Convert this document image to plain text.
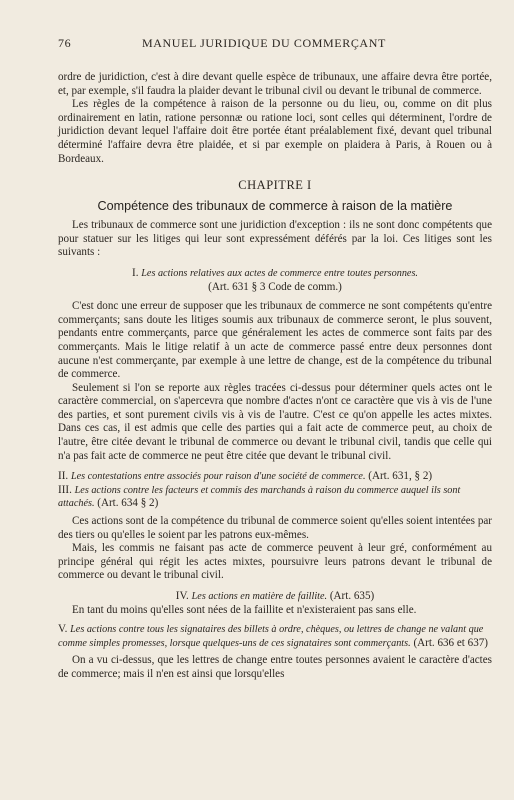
76	MANUEL JURIDIQUE DU COMMERÇANT

ordre de juridiction, c'est à dire devant quelle espèce de tribunaux, une affaire devra être portée, et, par exemple, s'il faudra la plaider devant le tribunal civil ou devant le tribunal de commerce.

Les règles de la compétence à raison de la personne ou du lieu, ou, comme on dit plus ordinairement en latin, ratione personnæ ou ratione loci, sont celles qui déterminent, l'ordre de juridiction devant lequel l'affaire doit être portée étant préalablement fixé, devant quel tribunal déterminé l'affaire devra être plaidée, et si par exemple on plaidera à Paris, à Rouen ou à Bordeaux.

CHAPITRE I
Compétence des tribunaux de commerce à raison de la matière

Les tribunaux de commerce sont une juridiction d'exception : ils ne sont donc compétents que pour statuer sur les litiges qui leur sont expressément déférés par la loi. Ces litiges sont les suivants :

I. Les actions relatives aux actes de commerce entre toutes personnes.
(Art. 631 § 3 Code de comm.)

C'est donc une erreur de supposer que les tribunaux de commerce ne sont compétents qu'entre commerçants; sans doute les litiges soumis aux tribunaux de commerce seront, le plus souvent, pendants entre commerçants, parce que généralement les actes de commerce sont faits par des commerçants. Mais le litige relatif à un acte de commerce passé entre deux personnes dont aucune n'est commerçante, par exemple à une lettre de change, est de la compétence du tribunal de commerce.

Seulement si l'on se reporte aux règles tracées ci-dessus pour déterminer quels actes ont le caractère commercial, on s'apercevra que nombre d'actes n'ont ce caractère que vis à vis de l'une des parties, et sont purement civils vis à vis de l'autre. C'est ce qu'on appelle les actes mixtes. Dans ces cas, il est admis que celle des parties qui a fait acte de commerce peut, au choix de l'autre, être citée devant le tribunal de commerce ou devant le tribunal civil, tandis que celle qui n'a pas fait acte de commerce ne peut être citée que devant le tribunal civil.

II. Les contestations entre associés pour raison d'une société de commerce. (Art. 631, § 2)
III. Les actions contre les facteurs et commis des marchands à raison du commerce auquel ils sont attachés. (Art. 634 § 2)

Ces actions sont de la compétence du tribunal de commerce soient qu'elles soient intentées par des tiers ou qu'elles le soient par les patrons eux-mêmes.

Mais, les commis ne faisant pas acte de commerce peuvent à leur gré, conformément au principe général qui régit les actes mixtes, poursuivre leurs patrons devant le tribunal de commerce ou devant le tribunal civil.

IV. Les actions en matière de faillite. (Art. 635)

En tant du moins qu'elles sont nées de la faillite et n'existeraient pas sans elle.

V. Les actions contre tous les signataires des billets à ordre, chèques, ou lettres de change ne valant que comme simples promesses, lorsque quelques-uns de ces signataires sont commerçants. (Art. 636 et 637)

On a vu ci-dessus, que les lettres de change entre toutes personnes avaient le caractère d'actes de commerce; mais il n'en est ainsi que lorsqu'elles
